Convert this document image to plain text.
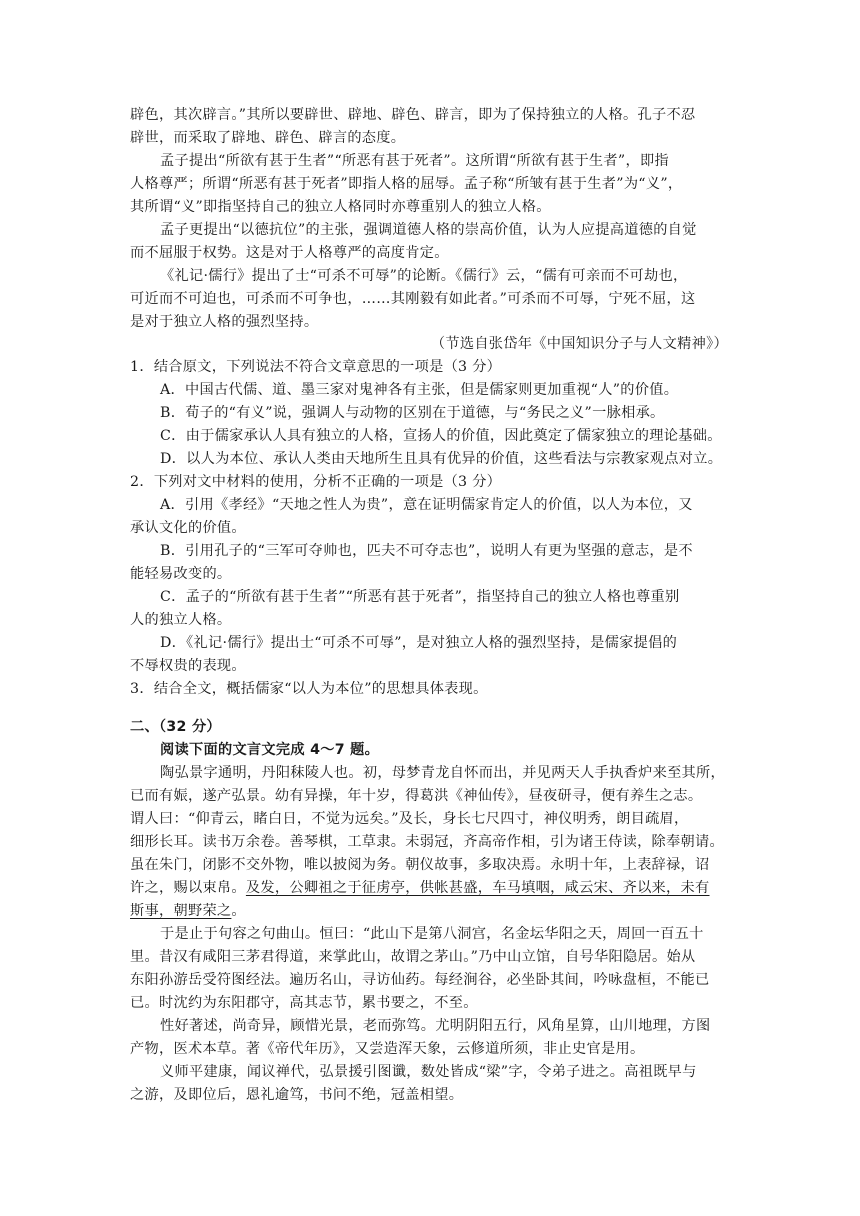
辟色，其次辟言。”其所以要辟世、辟地、辟色、辟言，即为了保持独立的人格。孔子不忍
辟世，而采取了辟地、辟色、辟言的态度。
孟子提出“所欲有甚于生者”“所恶有甚于死者”。这所谓“所欲有甚于生者”，即指
人格尊严；所谓“所恶有甚于死者”即指人格的屈辱。孟子称“所皱有甚于生者”为“义”，
其所谓“义”即指坚持自己的独立人格同时亦尊重别人的独立人格。
孟子更提出“以德抗位”的主张，强调道德人格的崇高价值，认为人应提高道德的自觉
而不屈服于权势。这是对于人格尊严的高度肯定。
《礼记·儒行》提出了士“可杀不可辱”的论断。《儒行》云，“儒有可亲而不可劫也，
可近而不可迫也，可杀而不可争也，……其刚毅有如此者。”可杀而不可辱，宁死不屈，这
是对于独立人格的强烈坚持。
（节选自张岱年《中国知识分子与人文精神》）
1．结合原文，下列说法不符合文章意思的一项是（3 分）
A．中国古代儒、道、墨三家对鬼神各有主张，但是儒家则更加重视“人”的价值。
B．荀子的“有义”说，强调人与动物的区别在于道德，与“务民之义”一脉相承。
C．由于儒家承认人具有独立的人格，宣扬人的价值，因此奠定了儒家独立的理论基础。
D．以人为本位、承认人类由天地所生且具有优异的价值，这些看法与宗教家观点对立。
2．下列对文中材料的使用，分析不正确的一项是（3 分）
A．引用《孝经》“天地之性人为贵”，意在证明儒家肯定人的价值，以人为本位，又
承认文化的价值。
B．引用孔子的“三军可夺帅也，匹夫不可夺志也”，说明人有更为坚强的意志，是不
能轻易改变的。
C．孟子的“所欲有甚于生者”“所恶有甚于死者”，指坚持自己的独立人格也尊重别
人的独立人格。
D．《礼记·儒行》提出士“可杀不可辱”，是对独立人格的强烈坚持，是儒家提倡的
不辱权贵的表现。
3．结合全文，概括儒家“以人为本位”的思想具体表现。
二、（32 分）
阅读下面的文言文完成 4～7 题。
陶弘景字通明，丹阳秣陵人也。初，母梦青龙自怀而出，并见两天人手执香炉来至其所，
已而有娠，遂产弘景。幼有异操，年十岁，得葛洪《神仙传》，昼夜研寻，便有养生之志。
谓人曰：“仰青云，睹白日，不觉为远矣。”及长，身长七尺四寸，神仪明秀，朗目疏眉，
细形长耳。读书万余卷。善琴棋，工草隶。未弱冠，齐高帝作相，引为诸王侍读，除奉朝请。
虽在朱门，闭影不交外物，唯以披阅为务。朝仪故事，多取决焉。永明十年，上表辞禄，诏
许之，赐以束帛。及发，公卿祖之于征虏亭，供帐甚盛，车马填咽，咸云宋、齐以来，未有
斯事，朝野荣之。
于是止于句容之句曲山。恒曰：“此山下是第八洞宫，名金坛华阳之天，周回一百五十
里。昔汉有咸阳三茅君得道，来掌此山，故谓之茅山。”乃中山立馆，自号华阳隐居。始从
东阳孙游岳受符图经法。遍历名山，寻访仙药。每经涧谷，必坐卧其间，吟咏盘桓，不能已
已。时沈约为东阳郡守，高其志节，累书要之，不至。
性好著述，尚奇异，顾惜光景，老而弥笃。尤明阴阳五行，风角星算，山川地理，方图
产物，医术本草。著《帝代年历》，又尝造浑天象，云修道所须，非止史官是用。
义师平建康，闻议禅代，弘景援引图谶，数处皆成“梁”字，令弟子进之。高祖既早与
之游，及即位后，恩礼逾笃，书问不绝，冠盖相望。
